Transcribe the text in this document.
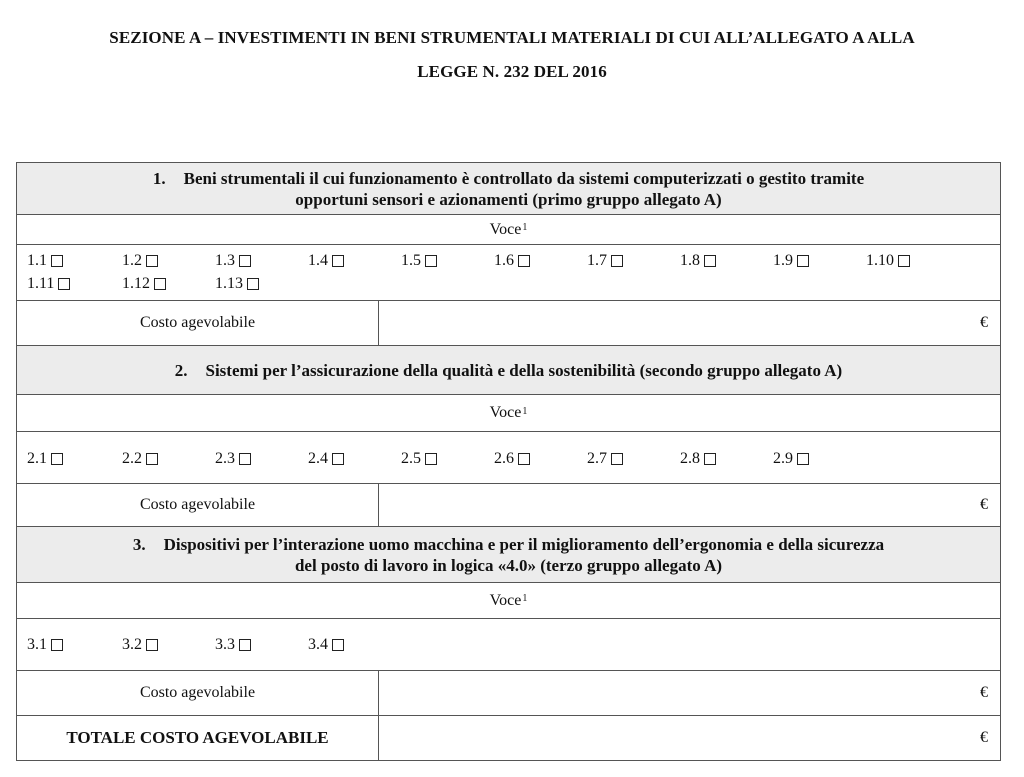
SEZIONE A – INVESTIMENTI IN BENI STRUMENTALI MATERIALI DI CUI ALL’ALLEGATO A ALLA
LEGGE N. 232 DEL 2016
1. Beni strumentali il cui funzionamento è controllato da sistemi computerizzati o gestito tramite
opportuni sensori e azionamenti (primo gruppo allegato A)
Voce$^1$
1.1	1.2	1.3	1.4	1.5	1.6	1.7	1.8	1.9	1.10
1.11	1.12	1.13
Costo agevolabile	€
2. Sistemi per l’assicurazione della qualità e della sostenibilità (secondo gruppo allegato A)
Voce$^1$
2.1	2.2	2.3	2.4	2.5	2.6	2.7	2.8	2.9
Costo agevolabile	€
3. Dispositivi per l’interazione uomo macchina e per il miglioramento dell’ergonomia e della sicurezza
del posto di lavoro in logica «4.0» (terzo gruppo allegato A)
Voce$^1$
3.1	3.2	3.3	3.4
Costo agevolabile	€
TOTALE COSTO AGEVOLABILE	€
